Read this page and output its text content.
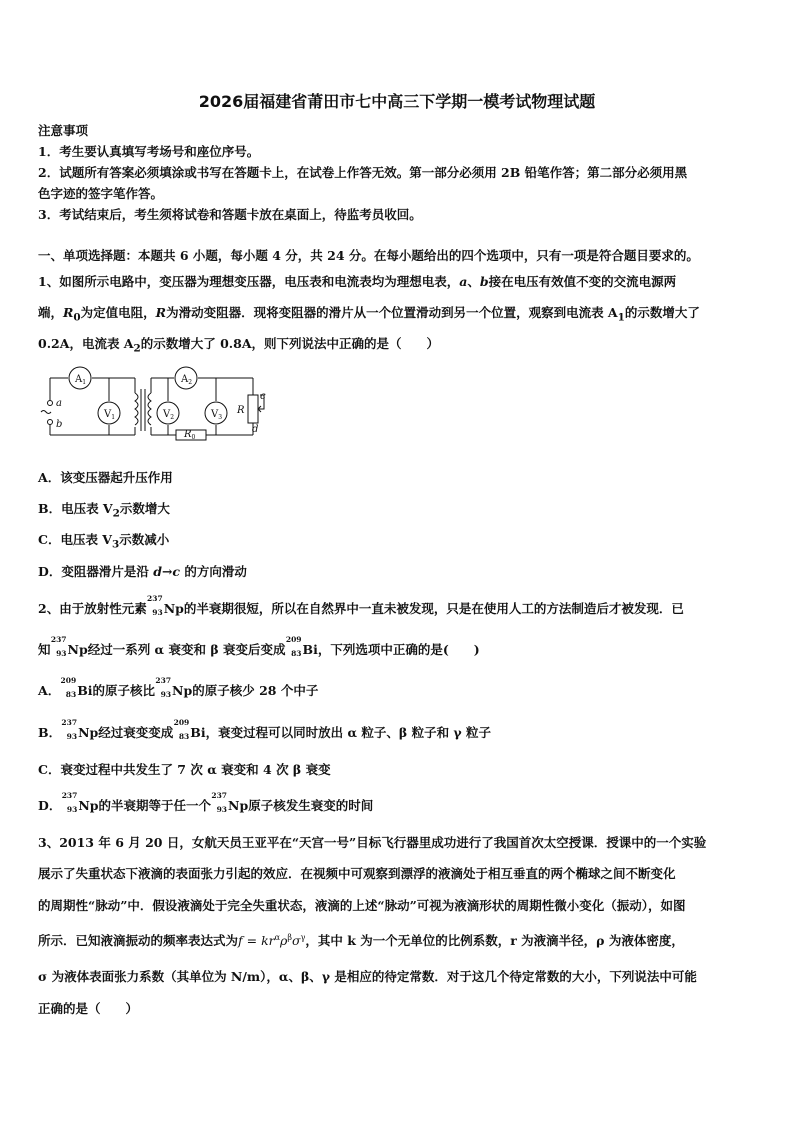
2026届福建省莆田市七中高三下学期一模考试物理试题
注意事项
1．考生要认真填写考场号和座位序号。
2．试题所有答案必须填涂或书写在答题卡上，在试卷上作答无效。第一部分必须用 2B 铅笔作答；第二部分必须用黑
色字迹的签字笔作答。
3．考试结束后，考生须将试卷和答题卡放在桌面上，待监考员收回。
一、单项选择题：本题共 6 小题，每小题 4 分，共 24 分。在每小题给出的四个选项中，只有一项是符合题目要求的。
1、如图所示电路中，变压器为理想变压器，电压表和电流表均为理想电表，a、b接在电压有效值不变的交流电源两
端，$R_0$为定值电阻，R为滑动变阻器．现将变阻器的滑片从一个位置滑动到另一个位置，观察到电流表 $A_1$的示数增大了
0.2A，电流表 $A_2$的示数增大了 0.8A，则下列说法中正确的是（　　）
$A_1$	$A_2$
$V_1$	$V_2$	$V_3$
R
$R_0$
a
b
c
d
A．该变压器起升压作用
B．电压表 $V_2$示数增大
C．电压表 $V_3$示数减小
D．变阻器滑片是沿 d→c 的方向滑动
2、由于放射性元素
237
93 Np的半衰期很短，所以在自然界中一直未被发现，只是在使用人工的方法制造后才被发现．已
知
237
93 Np经过一系列 α 衰变和 β 衰变后变成
209
83 Bi，下列选项中正确的是(　　)
A．
209
83 Bi的原子核比
237
93 Np的原子核少 28 个中子
B．
237
93 Np经过衰变变成
209
83 Bi，衰变过程可以同时放出 α 粒子、β 粒子和 γ 粒子
C．衰变过程中共发生了 7 次 α 衰变和 4 次 β 衰变
D．
237
93 Np的半衰期等于任一个
237
93 Np原子核发生衰变的时间
3、2013 年 6 月 20 日，女航天员王亚平在“天宫一号”目标飞行器里成功进行了我国首次太空授课．授课中的一个实验
展示了失重状态下液滴的表面张力引起的效应．在视频中可观察到漂浮的液滴处于相互垂直的两个椭球之间不断变化
的周期性“脉动”中．假设液滴处于完全失重状态，液滴的上述“脉动”可视为液滴形状的周期性微小变化（振动），如图
所示．已知液滴振动的频率表达式为$f = kr^\alpha\rho^\beta\sigma^\gamma$，其中 k 为一个无单位的比例系数，r 为液滴半径，ρ 为液体密度，
σ 为液体表面张力系数（其单位为 N/m），α、β、γ 是相应的待定常数．对于这几个待定常数的大小，下列说法中可能
正确的是（　　）
